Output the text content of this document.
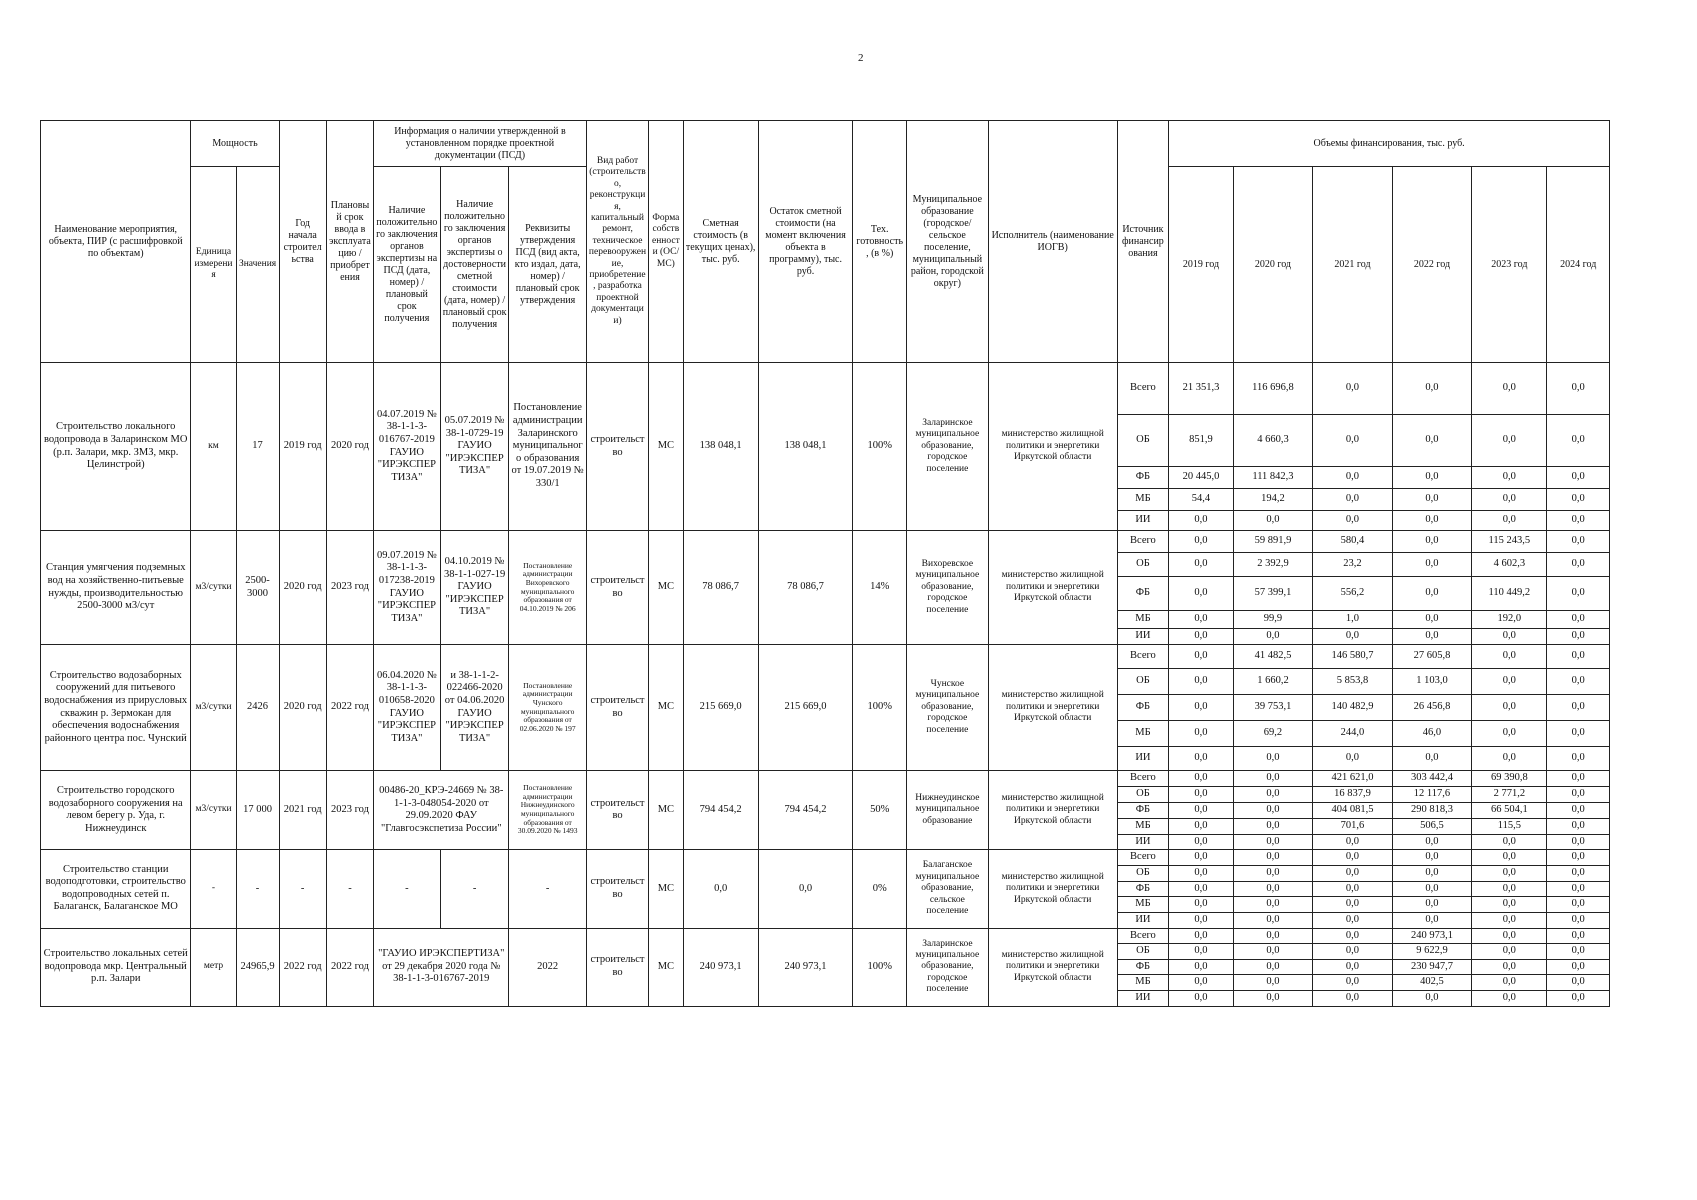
2
Наименование мероприятия, объекта, ПИР (с расшифровкой по объектам)	Мощность		Год начала строительства	Плановый срок ввода в эксплуатацию / приобретения	Информация о наличии утвержденной в установленном порядке проектной документации (ПСД)			Вид работ (строительство, реконструкция, капитальный ремонт, техническое перевооружение, приобретение, разработка проектной документации)	Форма собственности (ОС/МС)	Сметная стоимость (в текущих ценах), тыс. руб.	Остаток сметной стоимости (на момент включения объекта в программу), тыс. руб.	Тех. готовность, (в %)	Муниципальное образование (городское/сельское поселение, муниципальный район, городской округ)	Исполнитель (наименование ИОГВ)	Источник финансирования	Объемы финансирования, тыс. руб.					
	Единица измерения	Значения			Наличие положительного заключения органов экспертизы на ПСД (дата, номер) / плановый срок получения	Наличие положительного заключения органов экспертизы о достоверности сметной стоимости (дата, номер) / плановый срок получения	Реквизиты утверждения ПСД (вид акта, кто издал, дата, номер) / плановый срок утверждения									2019 год	2020 год	2021 год	2022 год	2023 год	2024 год
Строительство локального водопровода в Заларинском МО (р.п. Залари, мкр. ЗМЗ, мкр. Целинстрой)	км	17	2019 год	2020 год	04.07.2019 № 38-1-1-3-016767-2019 ГАУИО "ИРЭКСПЕРТИЗА"	05.07.2019 № 38-1-0729-19 ГАУИО "ИРЭКСПЕРТИЗА"	Постановление администрации Заларинского муниципального образования от 19.07.2019 № 330/1	строительство	МС	138 048,1	138 048,1	100%	Заларинское муниципальное образование, городское поселение	министерство жилищной политики и энергетики Иркутской области	Всего	21 351,3	116 696,8	0,0	0,0	0,0	0,0
															ОБ	851,9	4 660,3	0,0	0,0	0,0	0,0
															ФБ	20 445,0	111 842,3	0,0	0,0	0,0	0,0
															МБ	54,4	194,2	0,0	0,0	0,0	0,0
															ИИ	0,0	0,0	0,0	0,0	0,0	0,0
Станция умягчения подземных вод на хозяйственно-питьевые нужды, производительностью 2500-3000 м3/сут	м3/сутки	2500-3000	2020 год	2023 год	09.07.2019 № 38-1-1-3-017238-2019 ГАУИО "ИРЭКСПЕРТИЗА"	04.10.2019 № 38-1-1-027-19 ГАУИО "ИРЭКСПЕРТИЗА"	Постановление администрации Вихоревского муниципального образования от 04.10.2019 № 206	строительство	МС	78 086,7	78 086,7	14%	Вихоревское муниципальное образование, городское поселение	министерство жилищной политики и энергетики Иркутской области	Всего	0,0	59 891,9	580,4	0,0	115 243,5	0,0
															ОБ	0,0	2 392,9	23,2	0,0	4 602,3	0,0
															ФБ	0,0	57 399,1	556,2	0,0	110 449,2	0,0
															МБ	0,0	99,9	1,0	0,0	192,0	0,0
															ИИ	0,0	0,0	0,0	0,0	0,0	0,0
Строительство водозаборных сооружений для питьевого водоснабжения из прирусловых скважин р. Зермокан для обеспечения водоснабжения районного центра пос. Чунский	м3/сутки	2426	2020 год	2022 год	06.04.2020 № 38-1-1-3-010658-2020 ГАУИО "ИРЭКСПЕРТИЗА"	и 38-1-1-2-022466-2020 от 04.06.2020 ГАУИО "ИРЭКСПЕРТИЗА"	Постановление администрации Чунского муниципального образования от 02.06.2020 № 197	строительство	МС	215 669,0	215 669,0	100%	Чунское муниципальное образование, городское поселение	министерство жилищной политики и энергетики Иркутской области	Всего	0,0	41 482,5	146 580,7	27 605,8	0,0	0,0
															ОБ	0,0	1 660,2	5 853,8	1 103,0	0,0	0,0
															ФБ	0,0	39 753,1	140 482,9	26 456,8	0,0	0,0
															МБ	0,0	69,2	244,0	46,0	0,0	0,0
															ИИ	0,0	0,0	0,0	0,0	0,0	0,0
Строительство городского водозаборного сооружения на левом берегу р. Уда, г. Нижнеудинск	м3/сутки	17 000	2021 год	2023 год	00486-20_КРЭ-24669 № 38-1-1-3-048054-2020 от 29.09.2020 ФАУ "Главгосэкспетиза России"		Постановление администрации Нижнеудинского муниципального образования от 30.09.2020 № 1493	строительство	МС	794 454,2	794 454,2	50%	Нижнеудинское муниципальное образование	министерство жилищной политики и энергетики Иркутской области	Всего	0,0	0,0	421 621,0	303 442,4	69 390,8	0,0
															ОБ	0,0	0,0	16 837,9	12 117,6	2 771,2	0,0
															ФБ	0,0	0,0	404 081,5	290 818,3	66 504,1	0,0
															МБ	0,0	0,0	701,6	506,5	115,5	0,0
															ИИ	0,0	0,0	0,0	0,0	0,0	0,0
Строительство станции водоподготовки, строительство водопроводных сетей п. Балаганск, Балаганское МО	-	-	-	-	-	-	-	строительство	МС	0,0	0,0	0%	Балаганское муниципальное образование, сельское поселение	министерство жилищной политики и энергетики Иркутской области	Всего	0,0	0,0	0,0	0,0	0,0	0,0
															ОБ	0,0	0,0	0,0	0,0	0,0	0,0
															ФБ	0,0	0,0	0,0	0,0	0,0	0,0
															МБ	0,0	0,0	0,0	0,0	0,0	0,0
															ИИ	0,0	0,0	0,0	0,0	0,0	0,0
Строительство локальных сетей водопровода мкр. Центральный р.п. Залари	метр	24965,9	2022 год	2022 год	"ГАУИО ИРЭКСПЕРТИЗА" от 29 декабря 2020 года № 38-1-1-3-016767-2019		2022	строительство	МС	240 973,1	240 973,1	100%	Заларинское муниципальное образование, городское поселение	министерство жилищной политики и энергетики Иркутской области	Всего	0,0	0,0	0,0	240 973,1	0,0	0,0
															ОБ	0,0	0,0	0,0	9 622,9	0,0	0,0
															ФБ	0,0	0,0	0,0	230 947,7	0,0	0,0
															МБ	0,0	0,0	0,0	402,5	0,0	0,0
															ИИ	0,0	0,0	0,0	0,0	0,0	0,0
